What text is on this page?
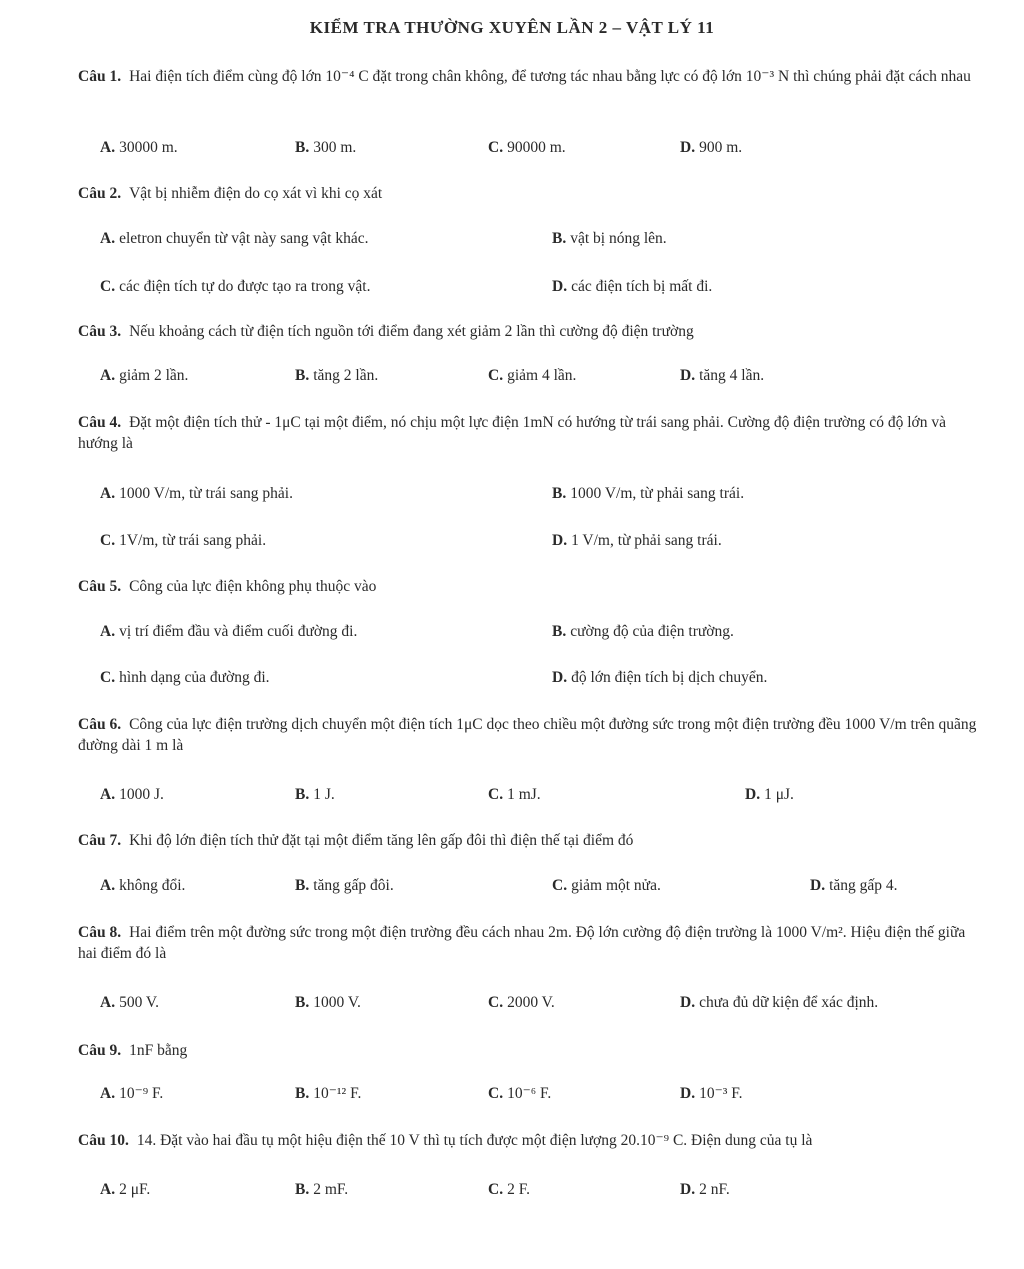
KIỂM TRA THƯỜNG XUYÊN LẦN 2 – VẬT LÝ 11
Câu 1. Hai điện tích điểm cùng độ lớn 10⁻⁴ C đặt trong chân không, để tương tác nhau bằng lực có độ lớn 10⁻³ N thì chúng phải đặt cách nhau
A. 30000 m.	B. 300 m.	C. 90000 m.	D. 900 m.
Câu 2. Vật bị nhiễm điện do cọ xát vì khi cọ xát
A. eletron chuyển từ vật này sang vật khác.	B. vật bị nóng lên.
C. các điện tích tự do được tạo ra trong vật.	D. các điện tích bị mất đi.
Câu 3. Nếu khoảng cách từ điện tích nguồn tới điểm đang xét giảm 2 lần thì cường độ điện trường
A. giảm 2 lần.	B. tăng 2 lần.	C. giảm 4 lần.	D. tăng 4 lần.
Câu 4. Đặt một điện tích thử - 1μC tại một điểm, nó chịu một lực điện 1mN có hướng từ trái sang phải. Cường độ điện trường có độ lớn và hướng là
A. 1000 V/m, từ trái sang phải.	B. 1000 V/m, từ phải sang trái.
C. 1V/m, từ trái sang phải.	D. 1 V/m, từ phải sang trái.
Câu 5. Công của lực điện không phụ thuộc vào
A. vị trí điểm đầu và điểm cuối đường đi.	B. cường độ của điện trường.
C. hình dạng của đường đi.	D. độ lớn điện tích bị dịch chuyển.
Câu 6. Công của lực điện trường dịch chuyển một điện tích 1μC dọc theo chiều một đường sức trong một điện trường đều 1000 V/m trên quãng đường dài 1 m là
A. 1000 J.	B. 1 J.	C. 1 mJ.	D. 1 μJ.
Câu 7. Khi độ lớn điện tích thử đặt tại một điểm tăng lên gấp đôi thì điện thế tại điểm đó
A. không đổi.	B. tăng gấp đôi.	C. giảm một nửa.	D. tăng gấp 4.
Câu 8. Hai điểm trên một đường sức trong một điện trường đều cách nhau 2m. Độ lớn cường độ điện trường là 1000 V/m². Hiệu điện thế giữa hai điểm đó là
A. 500 V.	B. 1000 V.	C. 2000 V.	D. chưa đủ dữ kiện để xác định.
Câu 9. 1nF bằng
A. 10⁻⁹ F.	B. 10⁻¹² F.	C. 10⁻⁶ F.	D. 10⁻³ F.
Câu 10. 14. Đặt vào hai đầu tụ một hiệu điện thế 10 V thì tụ tích được một điện lượng 20.10⁻⁹ C. Điện dung của tụ là
A. 2 μF.	B. 2 mF.	C. 2 F.	D. 2 nF.
